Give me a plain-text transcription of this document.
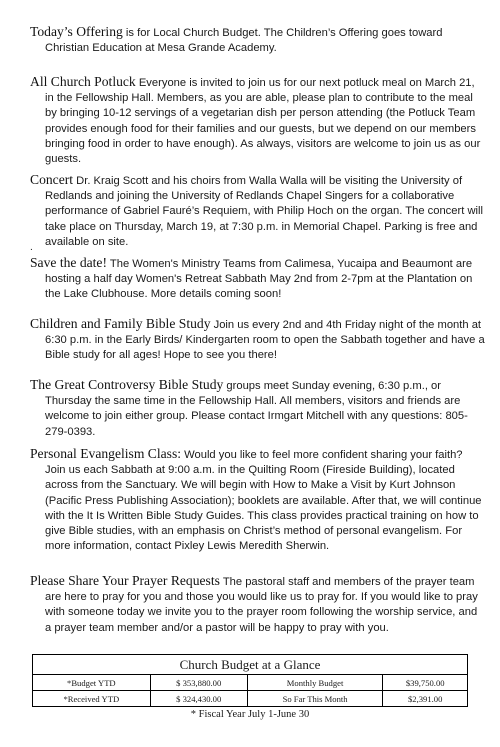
Today’s Offering is for Local Church Budget. The Children’s Offering goes toward Christian Education at Mesa Grande Academy.
All Church Potluck Everyone is invited to join us for our next potluck meal on March 21, in the Fellowship Hall. Members, as you are able, please plan to contribute to the meal by bringing 10-12 servings of a vegetarian dish per person attending (the Potluck Team provides enough food for their families and our guests, but we depend on our members bringing food in order to have enough). As always, visitors are welcome to join us as our guests.
Concert Dr. Kraig Scott and his choirs from Walla Walla will be visiting the University of Redlands and joining the University of Redlands Chapel Singers for a collaborative performance of Gabriel Fauré’s Requiem, with Philip Hoch on the organ. The concert will take place on Thursday, March 19, at 7:30 p.m. in Memorial Chapel. Parking is free and available on site.
.
Save the date! The Women's Ministry Teams from Calimesa, Yucaipa and Beaumont are hosting a half day Women's Retreat Sabbath May 2nd from 2-7pm at the Plantation on the Lake Clubhouse. More details coming soon!
Children and Family Bible Study Join us every 2nd and 4th Friday night of the month at 6:30 p.m. in the Early Birds/ Kindergarten room to open the Sabbath together and have a Bible study for all ages! Hope to see you there!
The Great Controversy Bible Study groups meet Sunday evening, 6:30 p.m., or Thursday the same time in the Fellowship Hall. All members, visitors and friends are welcome to join either group. Please contact Irmgart Mitchell with any questions: 805-279-0393.
Personal Evangelism Class: Would you like to feel more confident sharing your faith? Join us each Sabbath at 9:00 a.m. in the Quilting Room (Fireside Building), located across from the Sanctuary. We will begin with How to Make a Visit by Kurt Johnson (Pacific Press Publishing Association); booklets are available. After that, we will continue with the It Is Written Bible Study Guides. This class provides practical training on how to give Bible studies, with an emphasis on Christ’s method of personal evangelism. For more information, contact Pixley Lewis Meredith Sherwin.
Please Share Your Prayer Requests The pastoral staff and members of the prayer team are here to pray for you and those you would like us to pray for. If you would like to pray with someone today we invite you to the prayer room following the worship service, and a prayer team member and/or a pastor will be happy to pray with you.
Church Budget at a Glance
*Budget YTD	$ 353,880.00	Monthly Budget	$39,750.00
*Received YTD	$ 324,430.00	So Far This Month	$2,391.00
* Fiscal Year July 1-June 30
